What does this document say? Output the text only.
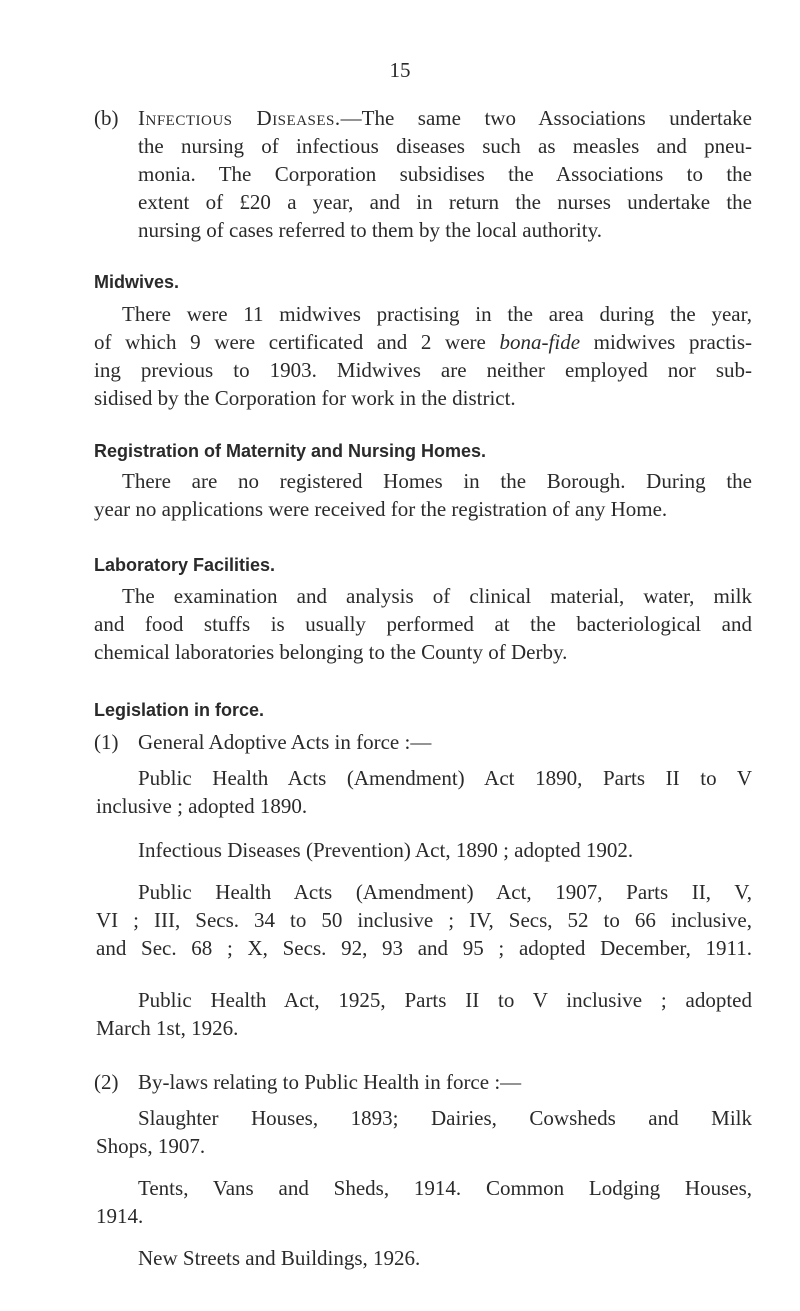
15
(b) Infectious Diseases.—The same two Associations undertake
the nursing of infectious diseases such as measles and pneu-
monia. The Corporation subsidises the Associations to the
extent of £20 a year, and in return the nurses undertake the
nursing of cases referred to them by the local authority.
Midwives.
There were 11 midwives practising in the area during the year,
of which 9 were certificated and 2 were bona-fide midwives practis-
ing previous to 1903. Midwives are neither employed nor sub-
sidised by the Corporation for work in the district.
Registration of Maternity and Nursing Homes.
There are no registered Homes in the Borough. During the
year no applications were received for the registration of any Home.
Laboratory Facilities.
The examination and analysis of clinical material, water, milk
and food stuffs is usually performed at the bacteriological and
chemical laboratories belonging to the County of Derby.
Legislation in force.
(1) General Adoptive Acts in force :—
Public Health Acts (Amendment) Act 1890, Parts II to V
inclusive ; adopted 1890.
Infectious Diseases (Prevention) Act, 1890 ; adopted 1902.
Public Health Acts (Amendment) Act, 1907, Parts II, V,
VI ; III, Secs. 34 to 50 inclusive ; IV, Secs, 52 to 66 inclusive,
and Sec. 68 ; X, Secs. 92, 93 and 95 ; adopted December, 1911.
Public Health Act, 1925, Parts II to V inclusive ; adopted
March 1st, 1926.
(2) By-laws relating to Public Health in force :—
Slaughter Houses, 1893; Dairies, Cowsheds and Milk
Shops, 1907.
Tents, Vans and Sheds, 1914. Common Lodging Houses,
1914.
New Streets and Buildings, 1926.
